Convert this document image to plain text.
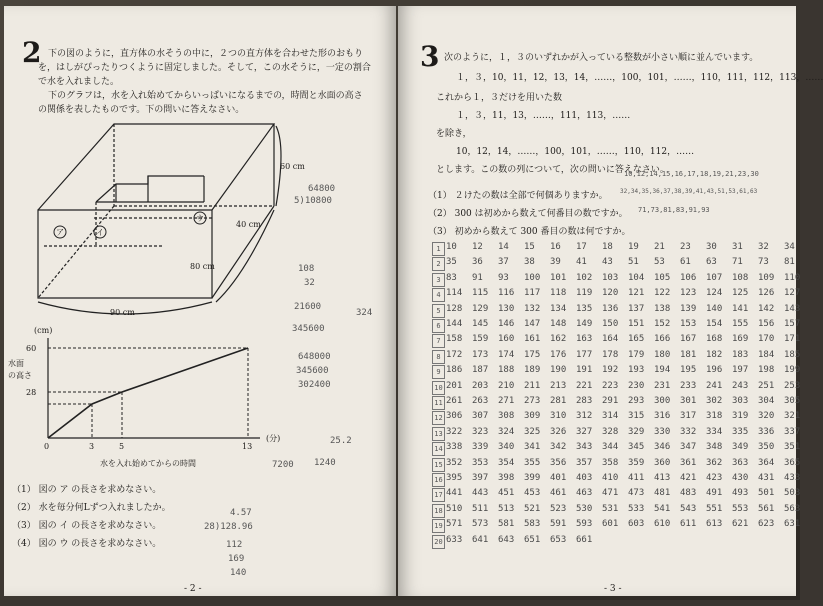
2 下の図のように，直方体の水そうの中に，２つの直方体を合わせた形のおもり
を，はしがぴったりつくように固定しました。そして，この水そうに，一定の割合
で水を入れました。
下のグラフは，水を入れ始めてからいっぱいになるまでの，時間と水面の高さ
の関係を表したものです。下の問いに答えなさい。
ア	イ
ウ
60 cm
40 cm
80 cm
90 cm
(cm)
60
28
水面
の高さ
0	3	5	13
(分)
水を入れ始めてからの時間
（1） 図の ア の長さを求めなさい。
（2） 水を毎分何Lずつ入れましたか。
（3） 図の イ の長さを求めなさい。
（4） 図の ウ の長さを求めなさい。
- 2 -
64800
5)10800
108
32
21600
324
345600
648000
345600
302400
25.2
1240
7200
4.57
28)128.96
112
169
140
3 次のように，１，３のいずれかが入っている整数が小さい順に並んでいます。
１，３，10，11，12，13，14，……，100，101，……，110，111，112，113，……
これから１，３だけを用いた数
１，３，11，13，……，111，113，……
を除き，
10，12，14，……，100，101，……，110，112，……
とします。この数の列について，次の問いに答えなさい。
（1） ２けたの数は全部で何個ありますか。
（2） 300 は初めから数えて何番目の数ですか。
（3） 初めから数えて 300 番目の数は何ですか。
10,12,14,15,16,17,18,19,21,23,30
32,34,35,36,37,38,39,41,43,51,53,61,63
71,73,81,83,91,93
1 10	12	14	15	16	17	18	19	21	23	30	31	32	34
2 35	36	37	38	39	41	43	51	53	61	63	71	73	81
3 83	91	93	100	101	102	103	104	105	106	107	108	109	110
4 114	115	116	117	118	119	120	121	122	123	124	125	126	127
5 128	129	130	132	134	135	136	137	138	139	140	141	142	143
6 144	145	146	147	148	149	150	151	152	153	154	155	156	157
7 158	159	160	161	162	163	164	165	166	167	168	169	170	171
8 172	173	174	175	176	177	178	179	180	181	182	183	184	185
9 186	187	188	189	190	191	192	193	194	195	196	197	198	199
10 201	203	210	211	213	221	223	230	231	233	241	243	251	253
11 261	263	271	273	281	283	291	293	300	301	302	303	304	305
12 306	307	308	309	310	312	314	315	316	317	318	319	320	321
13 322	323	324	325	326	327	328	329	330	332	334	335	336	337
14 338	339	340	341	342	343	344	345	346	347	348	349	350	351
15 352	353	354	355	356	357	358	359	360	361	362	363	364	365
16 395	397	398	399	401	403	410	411	413	421	423	430	431	433
17 441	443	451	453	461	463	471	473	481	483	491	493	501	503
18 510	511	513	521	523	530	531	533	541	543	551	553	561	563
19 571	573	581	583	591	593	601	603	610	611	613	621	623	631
20 633	641	643	651	653	661
- 3 -
